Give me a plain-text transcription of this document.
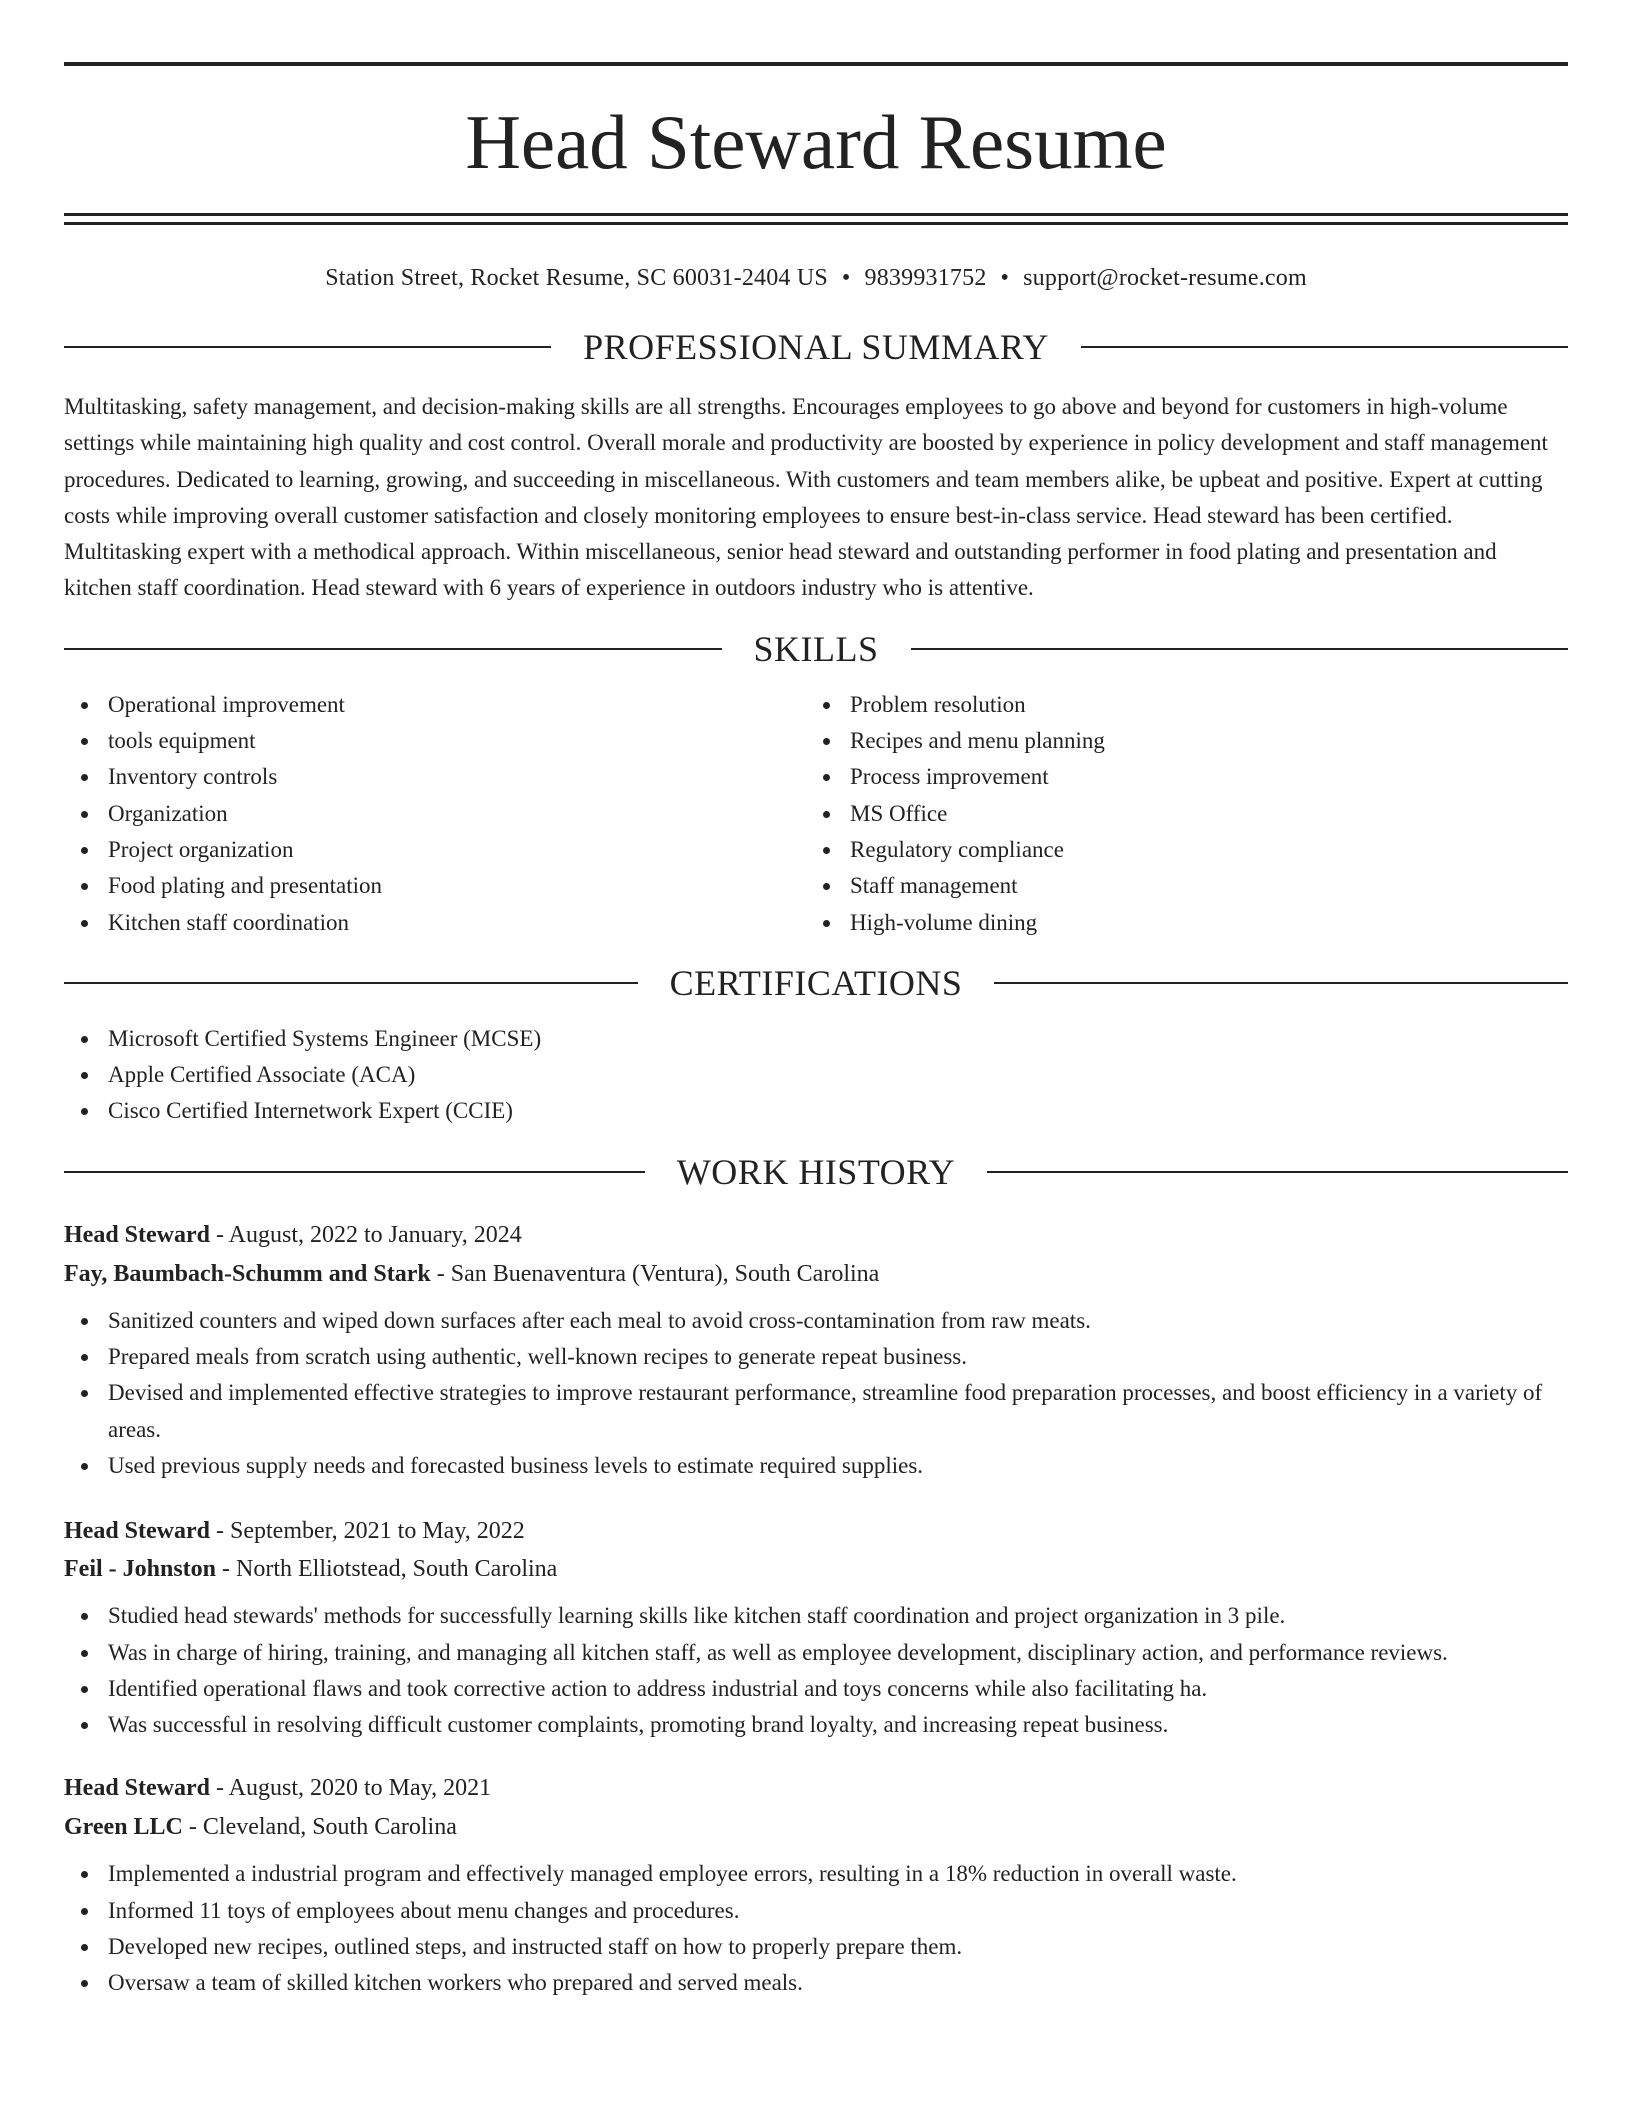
Head Steward Resume
Station Street, Rocket Resume, SC 60031-2404 US • 9839931752 • support@rocket-resume.com
PROFESSIONAL SUMMARY

Multitasking, safety management, and decision-making skills are all strengths. Encourages employees to go above and beyond for customers in high-volume settings while maintaining high quality and cost control. Overall morale and productivity are boosted by experience in policy development and staff management procedures. Dedicated to learning, growing, and succeeding in miscellaneous. With customers and team members alike, be upbeat and positive. Expert at cutting costs while improving overall customer satisfaction and closely monitoring employees to ensure best-in-class service. Head steward has been certified. Multitasking expert with a methodical approach. Within miscellaneous, senior head steward and outstanding performer in food plating and presentation and kitchen staff coordination. Head steward with 6 years of experience in outdoors industry who is attentive.

SKILLS
Operational improvement
tools equipment
Inventory controls
Organization
Project organization
Food plating and presentation
Kitchen staff coordination
Problem resolution
Recipes and menu planning
Process improvement
MS Office
Regulatory compliance
Staff management
High-volume dining
CERTIFICATIONS
Microsoft Certified Systems Engineer (MCSE)
Apple Certified Associate (ACA)
Cisco Certified Internetwork Expert (CCIE)
WORK HISTORY
Head Steward - August, 2022 to January, 2024
Fay, Baumbach-Schumm and Stark - San Buenaventura (Ventura), South Carolina
Sanitized counters and wiped down surfaces after each meal to avoid cross-contamination from raw meats.
Prepared meals from scratch using authentic, well-known recipes to generate repeat business.
Devised and implemented effective strategies to improve restaurant performance, streamline food preparation processes, and boost efficiency in a variety of areas.
Used previous supply needs and forecasted business levels to estimate required supplies.
Head Steward - September, 2021 to May, 2022
Feil - Johnston - North Elliotstead, South Carolina
Studied head stewards' methods for successfully learning skills like kitchen staff coordination and project organization in 3 pile.
Was in charge of hiring, training, and managing all kitchen staff, as well as employee development, disciplinary action, and performance reviews.
Identified operational flaws and took corrective action to address industrial and toys concerns while also facilitating ha.
Was successful in resolving difficult customer complaints, promoting brand loyalty, and increasing repeat business.
Head Steward - August, 2020 to May, 2021
Green LLC - Cleveland, South Carolina
Implemented a industrial program and effectively managed employee errors, resulting in a 18% reduction in overall waste.
Informed 11 toys of employees about menu changes and procedures.
Developed new recipes, outlined steps, and instructed staff on how to properly prepare them.
Oversaw a team of skilled kitchen workers who prepared and served meals.
